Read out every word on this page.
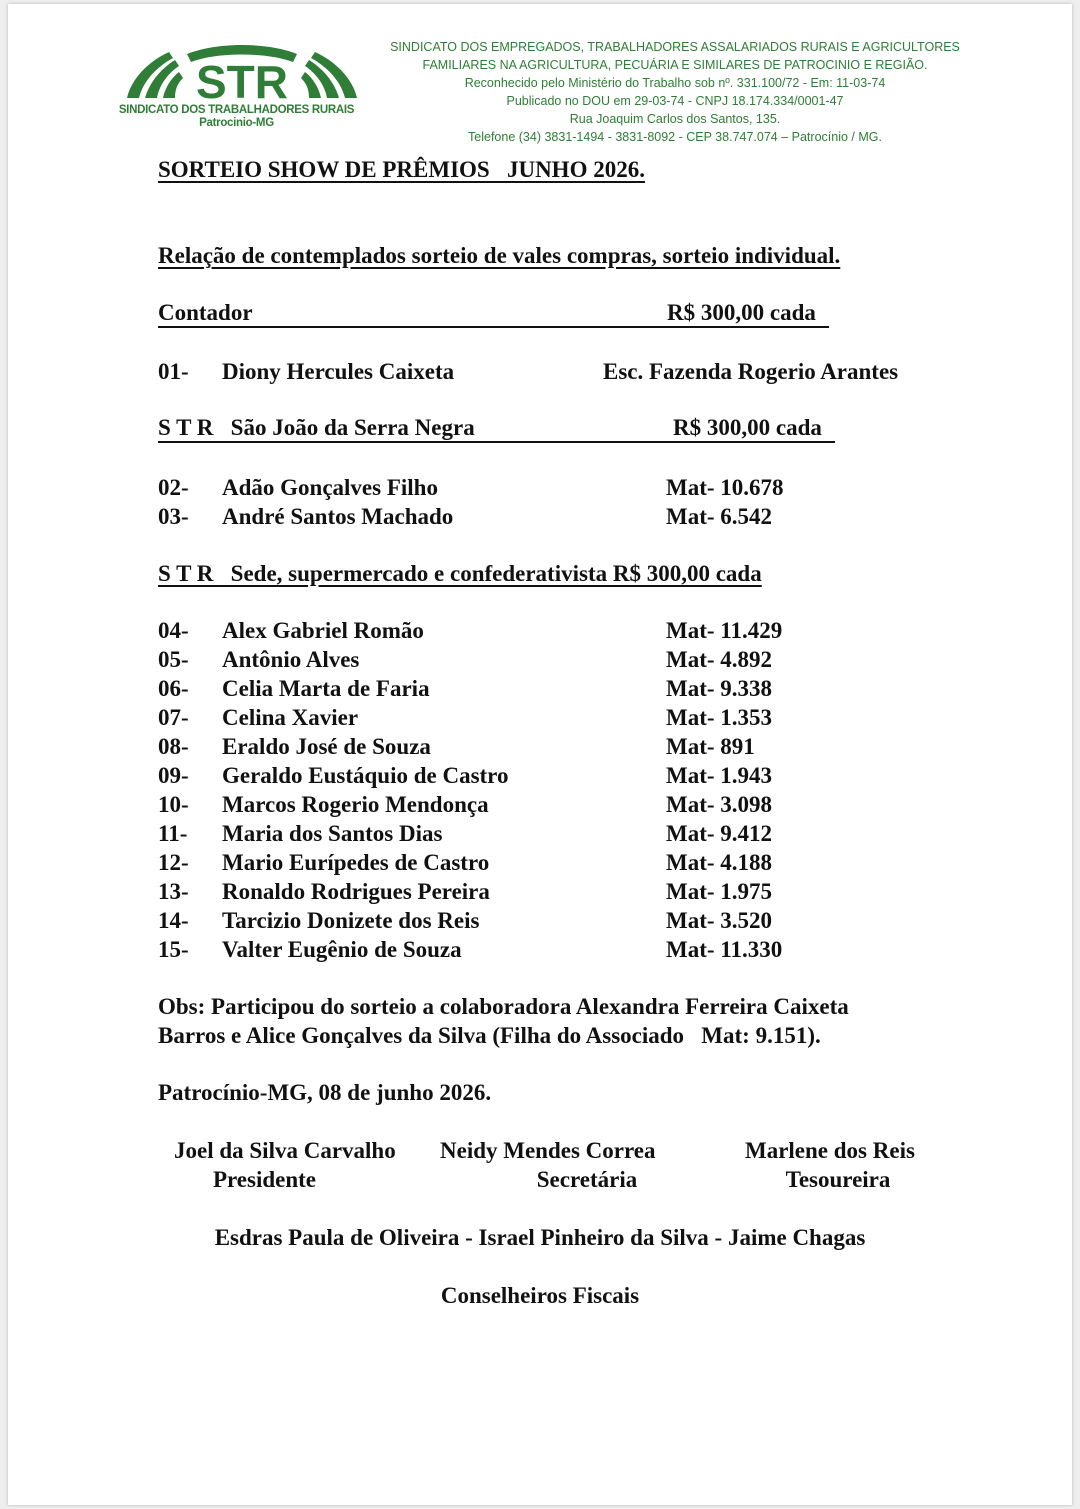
STR
SINDICATO DOS TRABALHADORES RURAIS
Patrocinio-MG
SINDICATO DOS EMPREGADOS, TRABALHADORES ASSALARIADOS RURAIS E AGRICULTORES
FAMILIARES NA AGRICULTURA, PECUÁRIA E SIMILARES DE PATROCINIO E REGIÃO.
Reconhecido pelo Ministério do Trabalho sob nº. 331.100/72 - Em: 11-03-74
Publicado no DOU em 29-03-74 - CNPJ 18.174.334/0001-47
Rua Joaquim Carlos dos Santos, 135.
Telefone (34) 3831-1494 - 3831-8092 - CEP 38.747.074 – Patrocínio / MG.
SORTEIO SHOW DE PRÊMIOS   JUNHO 2026.
Relação de contemplados sorteio de vales compras, sorteio individual.
Contador	R$ 300,00 cada
01- Diony Hercules Caixeta	Esc. Fazenda Rogerio Arantes
S T R   São João da Serra Negra	R$ 300,00 cada
02- Adão Gonçalves Filho	Mat- 10.678
03- André Santos Machado	Mat- 6.542
S T R   Sede, supermercado e confederativista R$ 300,00 cada
04- Alex Gabriel Romão	Mat- 11.429
05- Antônio Alves	Mat- 4.892
06- Celia Marta de Faria	Mat- 9.338
07- Celina Xavier	Mat- 1.353
08- Eraldo José de Souza	Mat- 891
09- Geraldo Eustáquio de Castro	Mat- 1.943
10- Marcos Rogerio Mendonça	Mat- 3.098
11- Maria dos Santos Dias	Mat- 9.412
12- Mario Eurípedes de Castro	Mat- 4.188
13- Ronaldo Rodrigues Pereira	Mat- 1.975
14- Tarcizio Donizete dos Reis	Mat- 3.520
15- Valter Eugênio de Souza	Mat- 11.330
Obs: Participou do sorteio a colaboradora Alexandra Ferreira Caixeta
Barros e Alice Gonçalves da Silva (Filha do Associado   Mat: 9.151).
Patrocínio-MG, 08 de junho 2026.
Joel da Silva Carvalho
Presidente
Neidy Mendes Correa
Secretária
Marlene dos Reis
Tesoureira
Esdras Paula de Oliveira - Israel Pinheiro da Silva - Jaime Chagas
Conselheiros Fiscais
